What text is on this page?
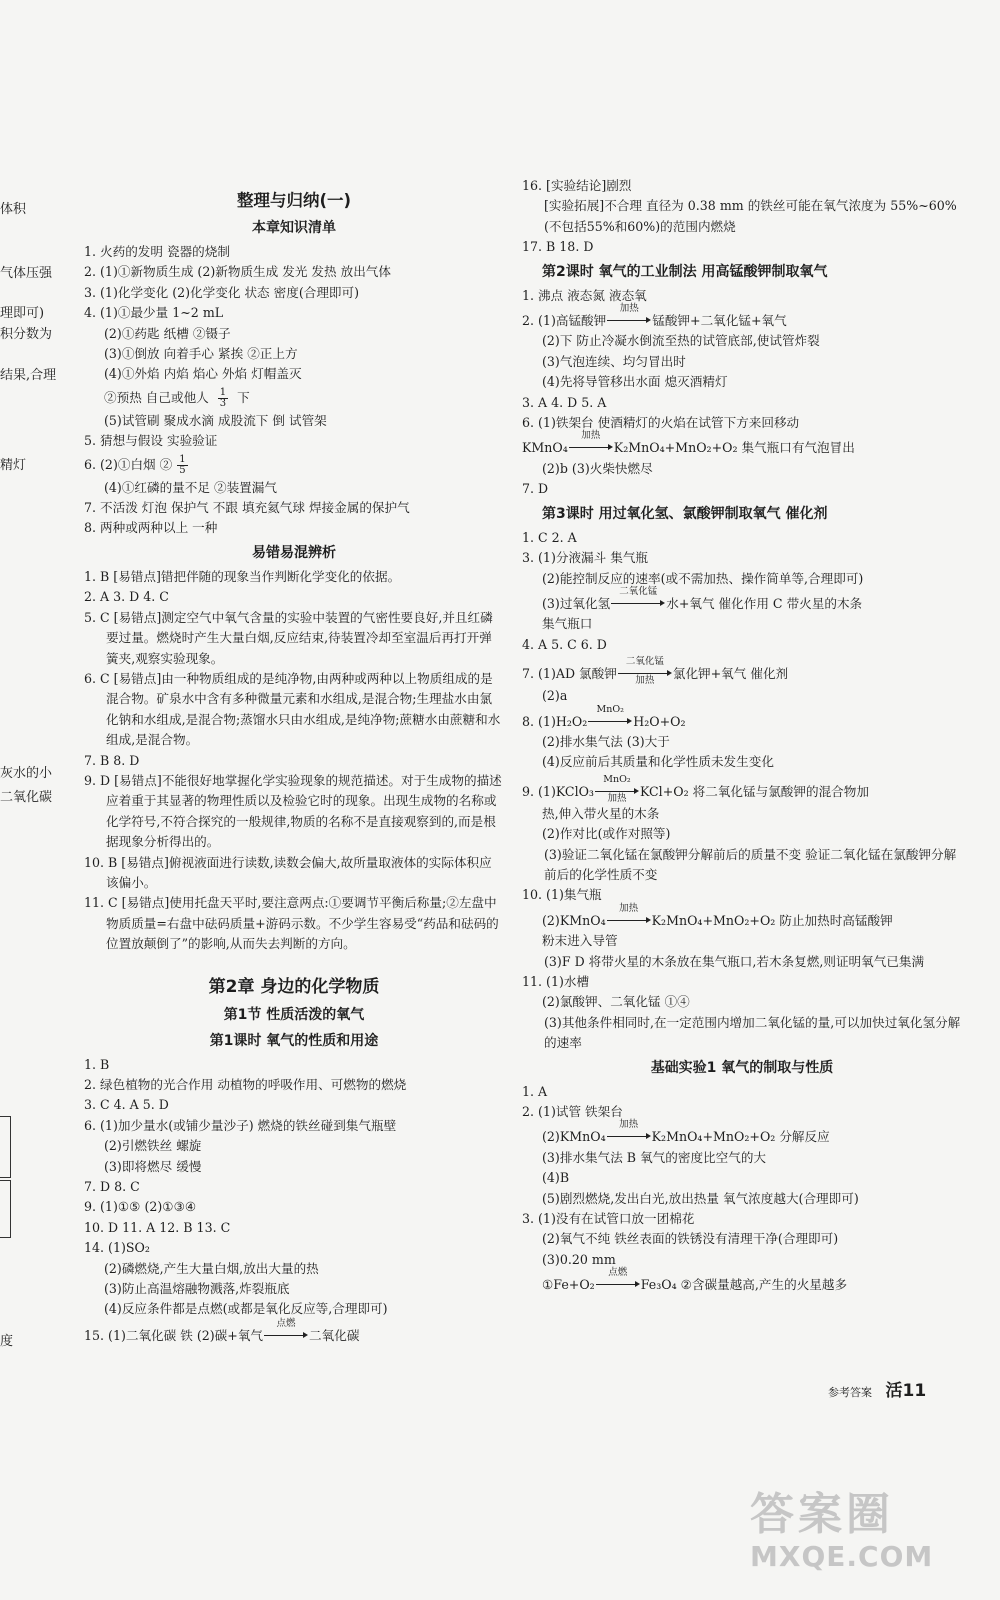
体积
气体压强
理即可)
积分数为
结果,合理
精灯
灰水的小
二氧化碳
度
整理与归纳(一)
本章知识清单
1. 火药的发明 瓷器的烧制
2. (1)①新物质生成 (2)新物质生成 发光 发热 放出气体
3. (1)化学变化 (2)化学变化 状态 密度(合理即可)
4. (1)①最少量 1~2 mL
(2)①药匙 纸槽 ②镊子
(3)①倒放 向着手心 紧挨 ②正上方
(4)①外焰 内焰 焰心 外焰 灯帽盖灭
②预热 自己或他人 $\frac{1}{3}$ 下
(5)试管刷 聚成水滴 成股流下 倒 试管架
5. 猜想与假设 实验验证
6. (2)①白烟 ② $\frac{1}{5}$
(4)①红磷的量不足 ②装置漏气
7. 不活泼 灯泡 保护气 不跟 填充氦气球 焊接金属的保护气
8. 两种或两种以上 一种
易错易混辨析
1. B [易错点]错把伴随的现象当作判断化学变化的依据。
2. A 3. D 4. C
5. C [易错点]测定空气中氧气含量的实验中装置的气密性要良好,并且红磷要过量。燃烧时产生大量白烟,反应结束,待装置冷却至室温后再打开弹簧夹,观察实验现象。
6. C [易错点]由一种物质组成的是纯净物,由两种或两种以上物质组成的是混合物。矿泉水中含有多种微量元素和水组成,是混合物;生理盐水由氯化钠和水组成,是混合物;蒸馏水只由水组成,是纯净物;蔗糖水由蔗糖和水组成,是混合物。
7. B 8. D
9. D [易错点]不能很好地掌握化学实验现象的规范描述。对于生成物的描述应着重于其显著的物理性质以及检验它时的现象。出现生成物的名称或化学符号,不符合探究的一般规律,物质的名称不是直接观察到的,而是根据现象分析得出的。
10. B [易错点]俯视液面进行读数,读数会偏大,故所量取液体的实际体积应该偏小。
11. C [易错点]使用托盘天平时,要注意两点:①要调节平衡后称量;②左盘中物质质量=右盘中砝码质量+游码示数。不少学生容易受“药品和砝码的位置放颠倒了”的影响,从而失去判断的方向。
第2章 身边的化学物质
第1节 性质活泼的氧气
第1课时 氧气的性质和用途
1. B
2. 绿色植物的光合作用 动植物的呼吸作用、可燃物的燃烧
3. C 4. A 5. D
6. (1)加少量水(或铺少量沙子) 燃烧的铁丝碰到集气瓶壁
(2)引燃铁丝 螺旋
(3)即将燃尽 缓慢
7. D 8. C
9. (1)①⑤ (2)①③④
10. D 11. A 12. B 13. C
14. (1)SO₂
(2)磷燃烧,产生大量白烟,放出大量的热
(3)防止高温熔融物溅落,炸裂瓶底
(4)反应条件都是点燃(或都是氧化反应等,合理即可)
15. (1)二氧化碳 铁 (2)碳+氧气
点燃
二氧化碳
16. [实验结论]剧烈
[实验拓展]不合理 直径为 0.38 mm 的铁丝可能在氧气浓度为 55%~60%(不包括55%和60%)的范围内燃烧
17. B 18. D
第2课时 氧气的工业制法 用高锰酸钾制取氧气
1. 沸点 液态氮 液态氧
2. (1)高锰酸钾
加热
锰酸钾+二氧化锰+氧气
(2)下 防止冷凝水倒流至热的试管底部,使试管炸裂
(3)气泡连续、均匀冒出时
(4)先将导管移出水面 熄灭酒精灯
3. A 4. D 5. A
6. (1)铁架台 使酒精灯的火焰在试管下方来回移动
KMnO₄
加热
K₂MnO₄+MnO₂+O₂ 集气瓶口有气泡冒出
(2)b (3)火柴快燃尽
7. D
第3课时 用过氧化氢、氯酸钾制取氧气 催化剂
1. C 2. A
3. (1)分液漏斗 集气瓶
(2)能控制反应的速率(或不需加热、操作简单等,合理即可)
(3)过氧化氢
二氧化锰
水+氧气 催化作用 C 带火星的木条
集气瓶口
4. A 5. C 6. D
7. (1)AD 氯酸钾
二氧化锰
加热	氯化钾+氧气 催化剂
(2)a
8. (1)H₂O₂
MnO₂
H₂O+O₂
(2)排水集气法 (3)大于
(4)反应前后其质量和化学性质未发生变化
9. (1)KClO₃
MnO₂
加热	KCl+O₂ 将二氧化锰与氯酸钾的混合物加
热,伸入带火星的木条
(2)作对比(或作对照等)
(3)验证二氧化锰在氯酸钾分解前后的质量不变 验证二氧化锰在氯酸钾分解前后的化学性质不变
10. (1)集气瓶
(2)KMnO₄
加热
K₂MnO₄+MnO₂+O₂ 防止加热时高锰酸钾
粉末进入导管
(3)F D 将带火星的木条放在集气瓶口,若木条复燃,则证明氧气已集满
11. (1)水槽
(2)氯酸钾、二氧化锰 ①④
(3)其他条件相同时,在一定范围内增加二氧化锰的量,可以加快过氧化氢分解的速率
基础实验1 氧气的制取与性质
1. A
2. (1)试管 铁架台
(2)KMnO₄
加热
K₂MnO₄+MnO₂+O₂ 分解反应
(3)排水集气法 B 氧气的密度比空气的大
(4)B
(5)剧烈燃烧,发出白光,放出热量 氧气浓度越大(合理即可)
3. (1)没有在试管口放一团棉花
(2)氧气不纯 铁丝表面的铁锈没有清理干净(合理即可)
(3)0.20 mm
①Fe+O₂
点燃
Fe₃O₄ ②含碳量越高,产生的火星越多
参考答案 活11
答案圈
MXQE.COM
